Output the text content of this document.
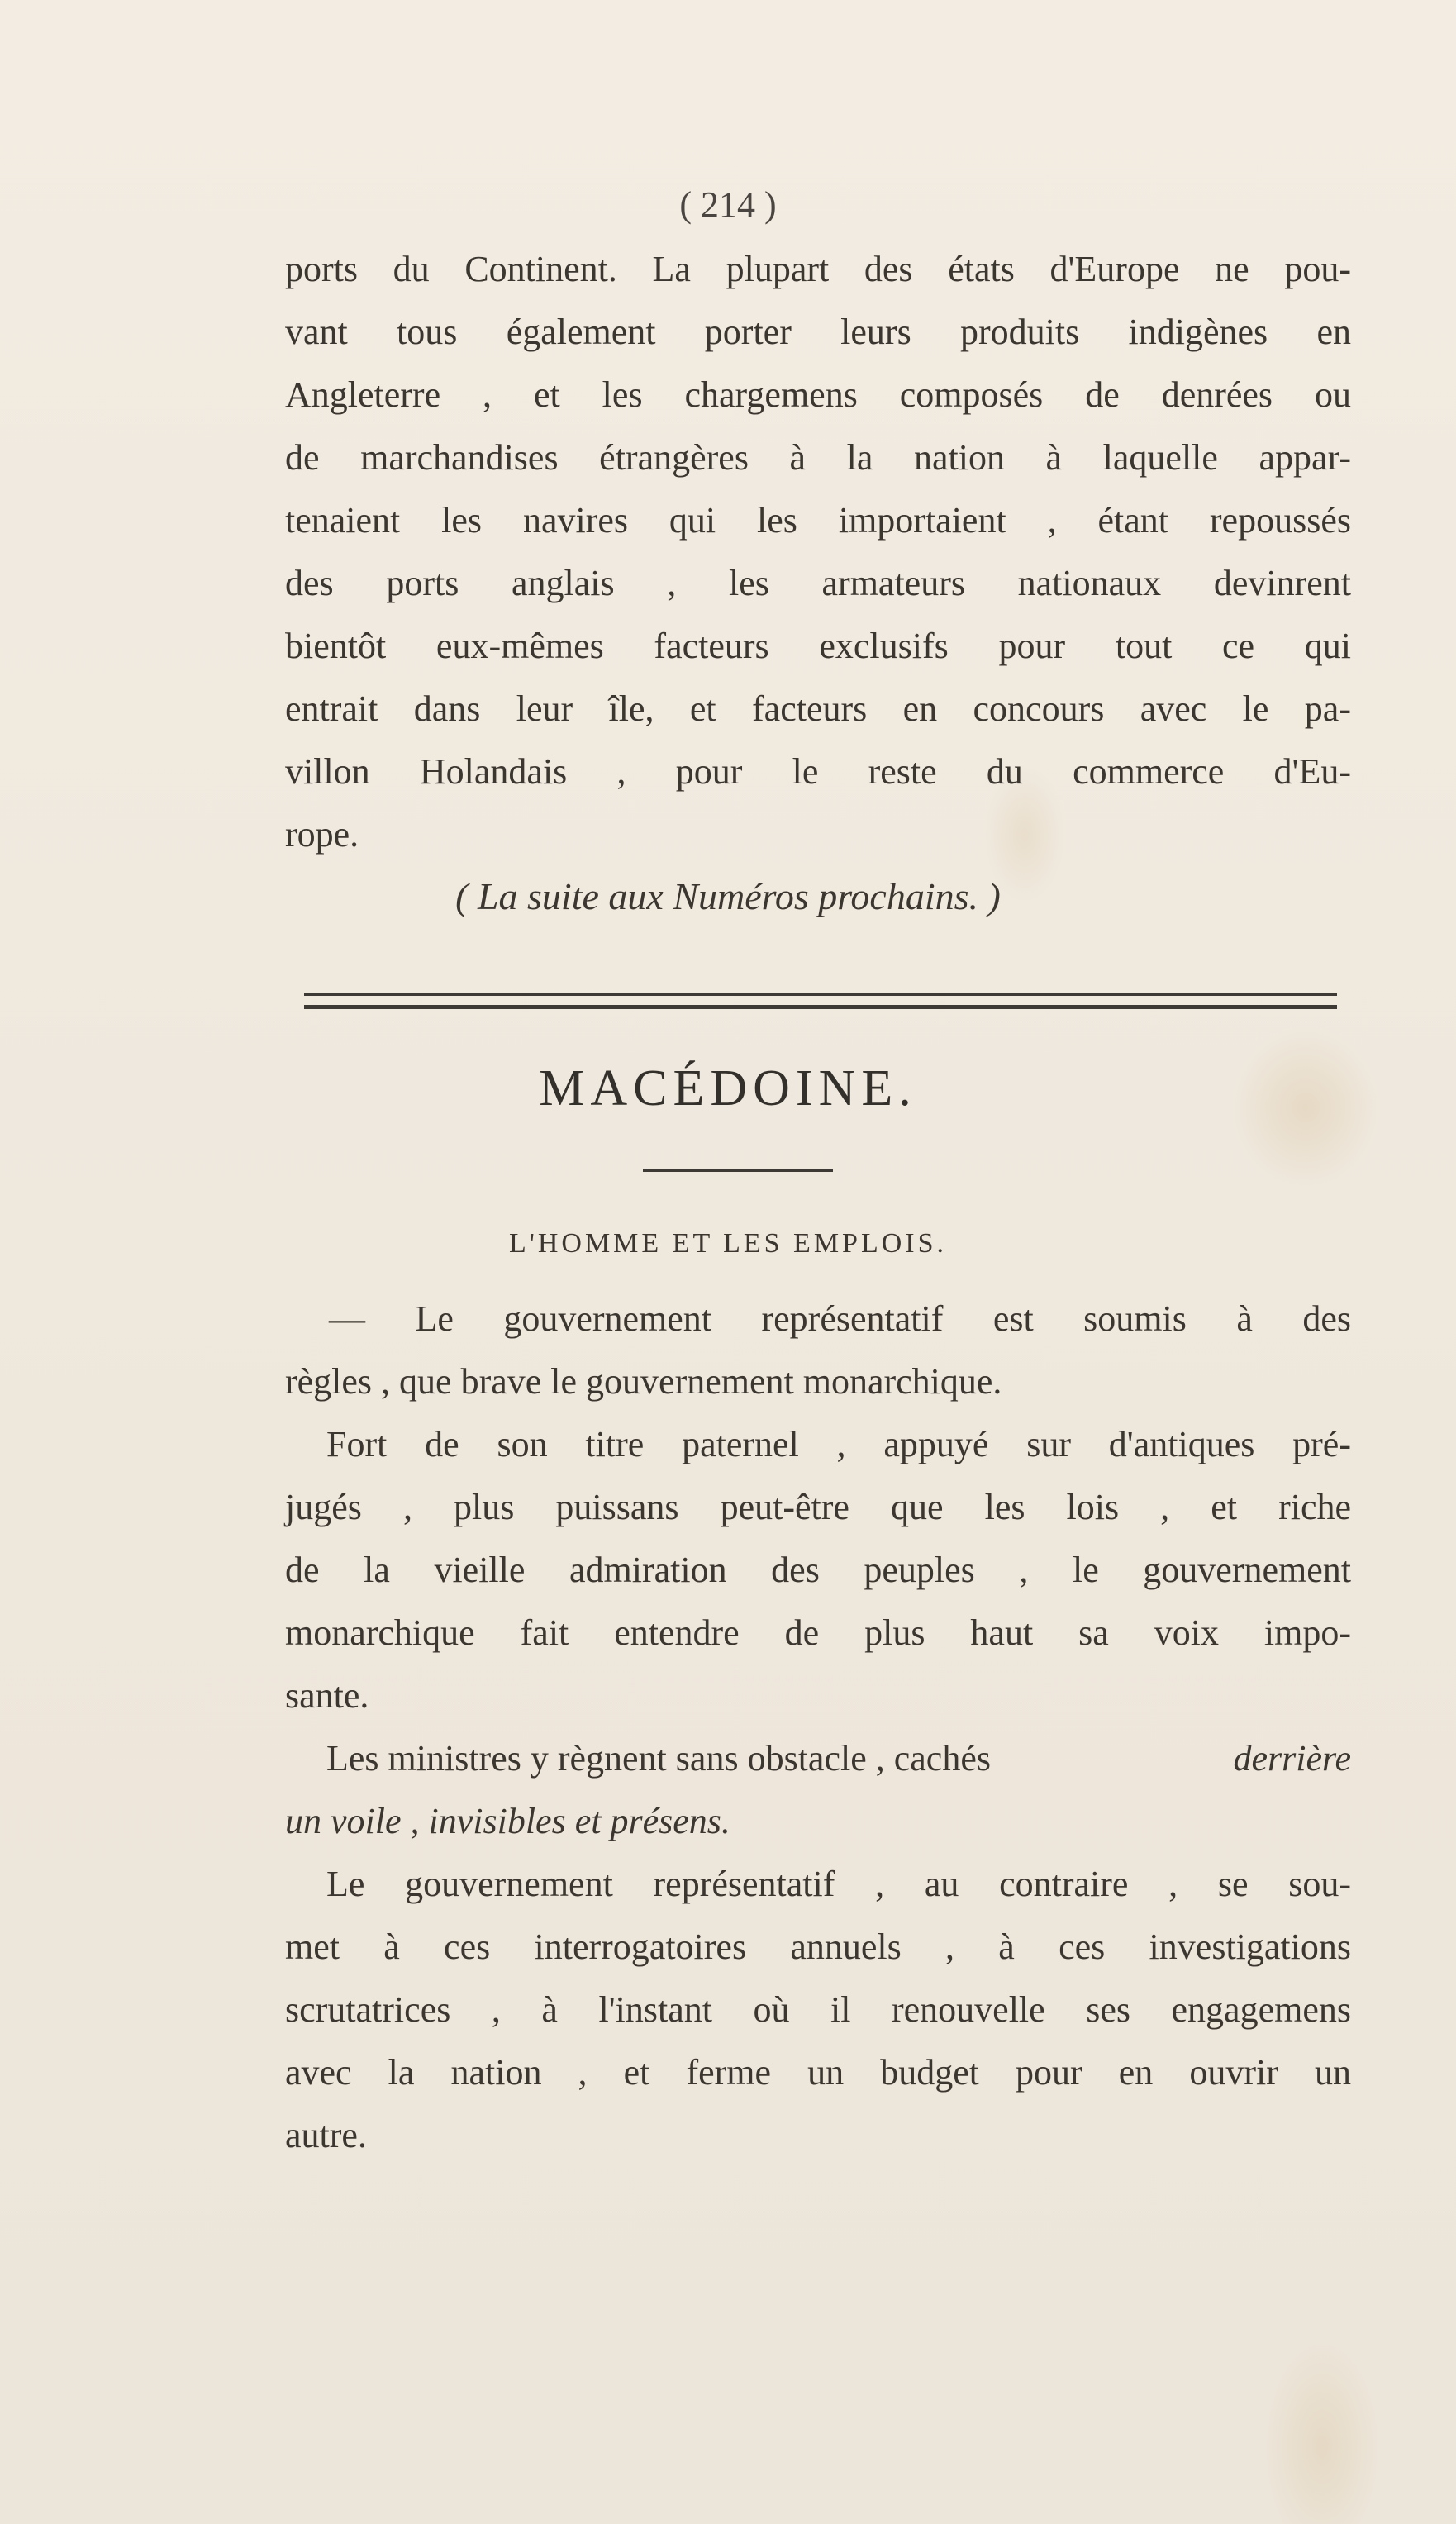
( 214 )
ports du Continent. La plupart des états d'Europe ne pou-
vant tous également porter leurs produits indigènes en
Angleterre , et les chargemens composés de denrées ou
de marchandises étrangères à la nation à laquelle appar-
tenaient les navires qui les importaient , étant repoussés
des ports anglais , les armateurs nationaux devinrent
bientôt eux-mêmes facteurs exclusifs pour tout ce qui
entrait dans leur île, et facteurs en concours avec le pa-
villon Holandais , pour le reste du commerce d'Eu-
rope.
( La suite aux Numéros prochains. )
MACÉDOINE.
L'HOMME ET LES EMPLOIS.
— Le gouvernement représentatif est soumis à des
règles , que brave le gouvernement monarchique.
Fort de son titre paternel , appuyé sur d'antiques pré-
jugés , plus puissans peut-être que les lois , et riche
de la vieille admiration des peuples , le gouvernement
monarchique fait entendre de plus haut sa voix impo-
sante.
Les ministres y règnent sans obstacle , cachés	derrière
un voile , invisibles et présens.
Le gouvernement représentatif , au contraire , se sou-
met à ces interrogatoires annuels , à ces investigations
scrutatrices , à l'instant où il renouvelle ses engagemens
avec la nation , et ferme un budget pour en ouvrir un
autre.
